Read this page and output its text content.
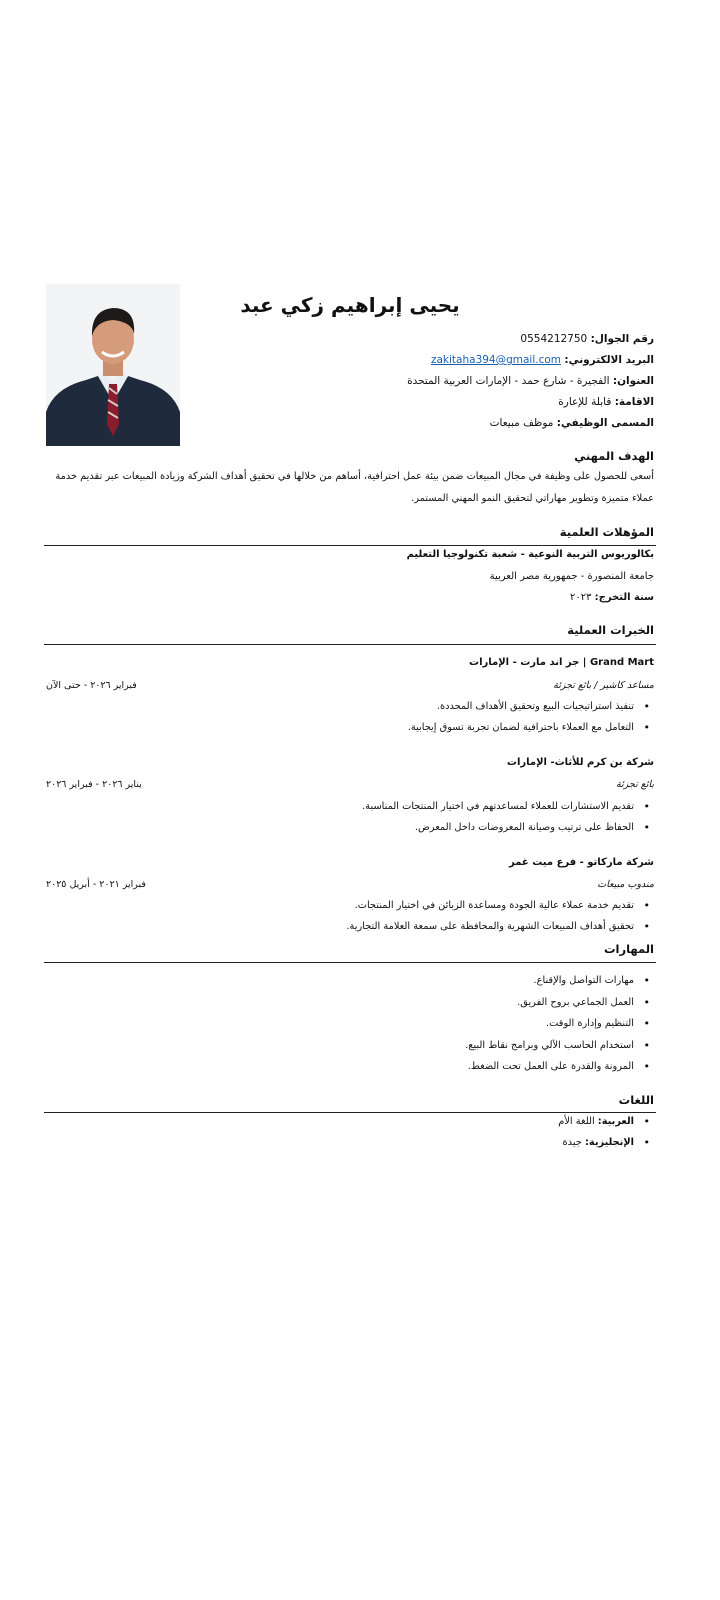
يحيى إبراهيم زكي عبد
رقم الجوال: 0554212750
البريد الالكتروني: zakitaha394@gmail.com
العنوان: الفجيرة - شارع حمد - الإمارات العربية المتحدة
الاقامة: قابلة للإعارة
المسمى الوظيفي: موظف مبيعات
الهدف المهني
أسعى للحصول على وظيفة في مجال المبيعات ضمن بيئة عمل احترافية، أساهم من خلالها في تحقيق أهداف الشركة وزيادة المبيعات عبر تقديم خدمة
عملاء متميزة وتطوير مهاراتي لتحقيق النمو المهني المستمر.
المؤهلات العلمية
بكالوريوس التربية النوعية - شعبة تكنولوجيا التعليم
جامعة المنصورة - جمهورية مصر العربية
سنة التخرج: ٢٠٢٣
الخبرات العملية
Grand Mart | جر اند مارت - الإمارات
مساعد كاشير / بائع تجزئة
فبراير ٢٠٢٦ - حتى الآن
• تنفيذ استراتيجيات البيع وتحقيق الأهداف المحددة.
• التعامل مع العملاء باحترافية لضمان تجربة تسوق إيجابية.
شركة بن كرم للأثاث- الإمارات
بائع تجزئة
يناير ٢٠٢٦ - فبراير ٢٠٢٦
• تقديم الاستشارات للعملاء لمساعدتهم في اختيار المنتجات المناسبة.
• الحفاظ على ترتيب وصيانة المعروضات داخل المعرض.
شركة ماركاتو - فرع ميت غمر
مندوب مبيعات
فبراير ٢٠٢١ - أبريل ٢٠٢٥
• تقديم خدمة عملاء عالية الجودة ومساعدة الزبائن في اختيار المنتجات.
• تحقيق أهداف المبيعات الشهرية والمحافظة على سمعة العلامة التجارية.
المهارات
• مهارات التواصل والإقناع.
• العمل الجماعي بروح الفريق.
• التنظيم وإدارة الوقت.
• استخدام الحاسب الآلي وبرامج نقاط البيع.
• المرونة والقدرة على العمل تحت الضغط.
اللغات
• العربية: اللغة الأم
• الإنجليزية: جيدة
